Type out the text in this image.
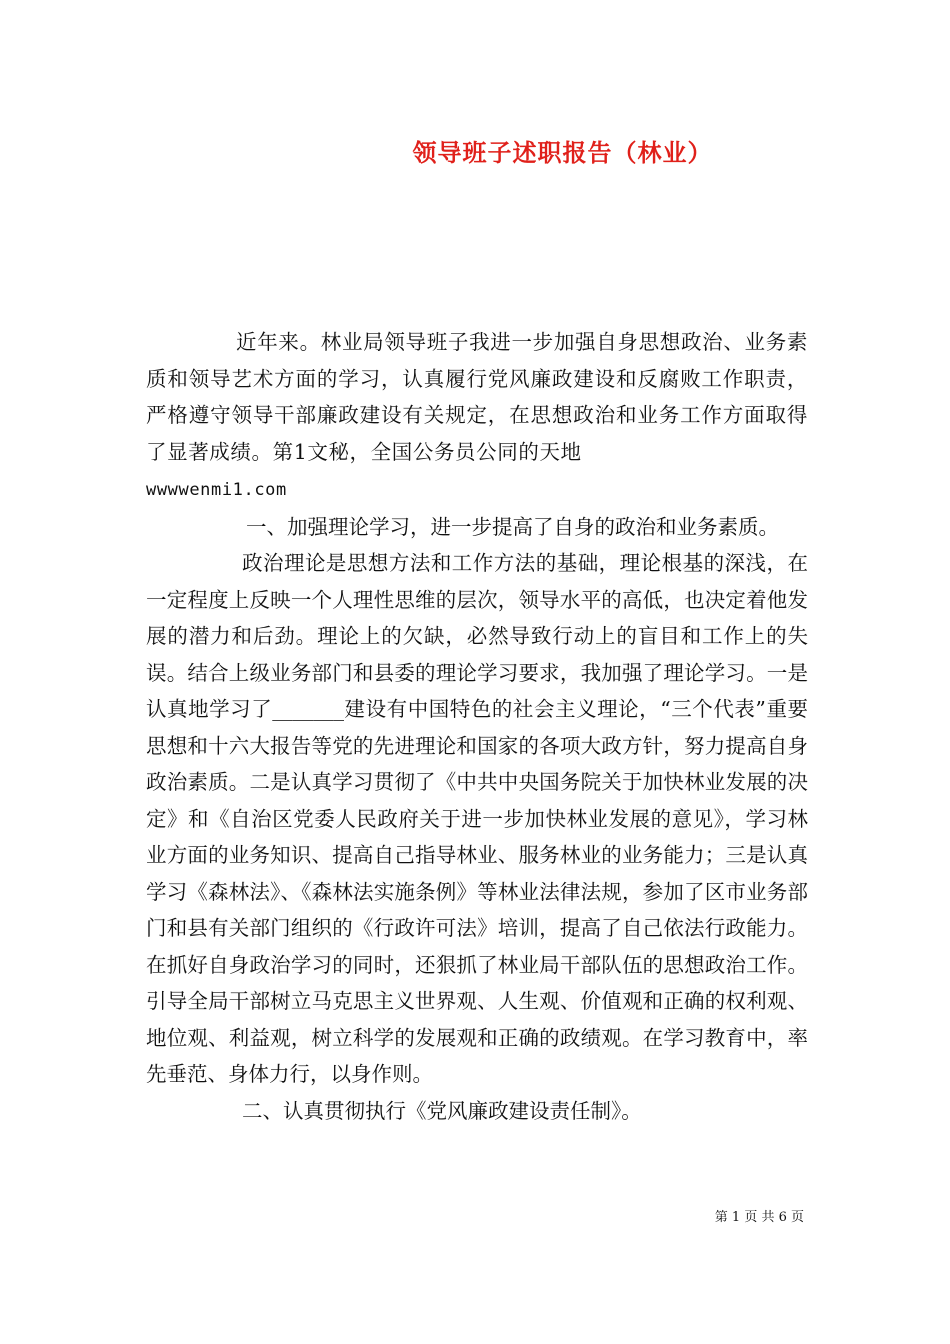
领导班子述职报告（林业）

近年来。林业局领导班子我进一步加强自身思想政治、业务素质和领导艺术方面的学习，认真履行党风廉政建设和反腐败工作职责，严格遵守领导干部廉政建设有关规定，在思想政治和业务工作方面取得了显著成绩。第1文秘，全国公务员公同的天地
wwwwenmi1.com

一、加强理论学习，进一步提高了自身的政治和业务素质。

政治理论是思想方法和工作方法的基础，理论根基的深浅，在一定程度上反映一个人理性思维的层次，领导水平的高低，也决定着他发展的潜力和后劲。理论上的欠缺，必然导致行动上的盲目和工作上的失误。结合上级业务部门和县委的理论学习要求，我加强了理论学习。一是认真地学习了_______建设有中国特色的社会主义理论，“三个代表”重要思想和十六大报告等党的先进理论和国家的各项大政方针，努力提高自身政治素质。二是认真学习贯彻了《中共中央国务院关于加快林业发展的决定》和《自治区党委人民政府关于进一步加快林业发展的意见》，学习林业方面的业务知识、提高自己指导林业、服务林业的业务能力；三是认真学习《森林法》、《森林法实施条例》等林业法律法规，参加了区市业务部门和县有关部门组织的《行政许可法》培训，提高了自己依法行政能力。在抓好自身政治学习的同时，还狠抓了林业局干部队伍的思想政治工作。引导全局干部树立马克思主义世界观、人生观、价值观和正确的权利观、地位观、利益观，树立科学的发展观和正确的政绩观。在学习教育中，率先垂范、身体力行，以身作则。

二、认真贯彻执行《党风廉政建设责任制》。

第 1 页 共 6 页
